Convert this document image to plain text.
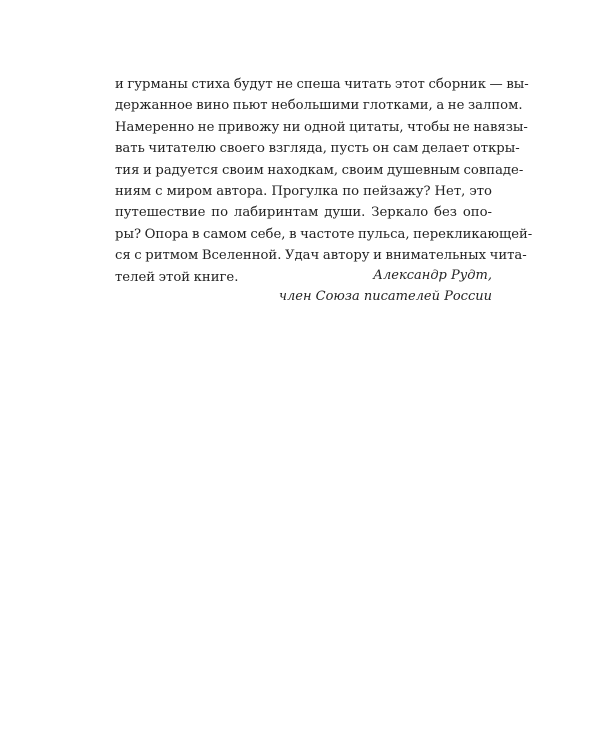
и гурманы стиха будут не спеша читать этот сборник — вы-
держанное вино пьют небольшими глотками, а не залпом.
Намеренно не привожу ни одной цитаты, чтобы не навязы-
вать читателю своего взгляда, пусть он сам делает откры-
тия и радуется своим находкам, своим душевным совпаде-
ниям с миром автора. Прогулка по пейзажу? Нет, это
путешествие по лабиринтам души. Зеркало без опо-
ры? Опора в самом себе, в частоте пульса, перекликающей-
ся с ритмом Вселенной. Удач автору и внимательных чита-
телей этой книге.	Александр Рудт,
член Союза писателей России
